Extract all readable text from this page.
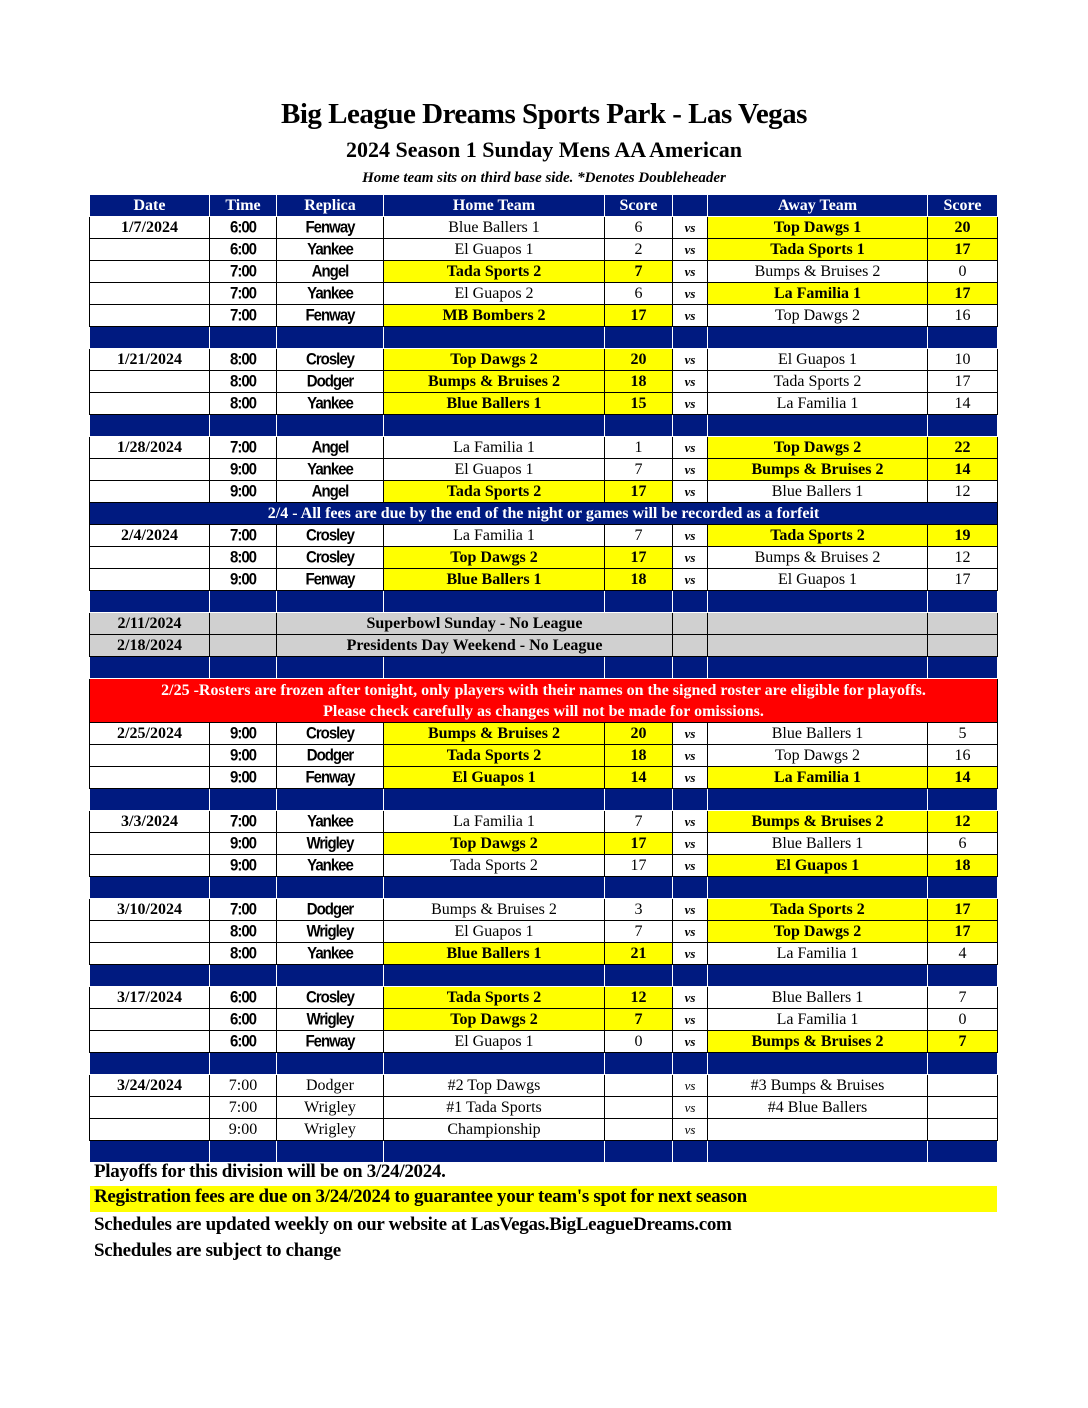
Big League Dreams Sports Park - Las Vegas
2024 Season 1 Sunday Mens AA American
Home team sits on third base side. *Denotes Doubleheader
Date	Time	Replica	Home Team	Score		Away Team	Score
1/7/2024	6:00	Fenway	Blue Ballers 1	6	vs	Top Dawgs 1	20
	6:00	Yankee	El Guapos 1	2	vs	Tada Sports 1	17
	7:00	Angel	Tada Sports 2	7	vs	Bumps & Bruises 2	0
	7:00	Yankee	El Guapos 2	6	vs	La Familia 1	17
	7:00	Fenway	MB Bombers 2	17	vs	Top Dawgs 2	16

1/21/2024	8:00	Crosley	Top Dawgs 2	20	vs	El Guapos 1	10
	8:00	Dodger	Bumps & Bruises 2	18	vs	Tada Sports 2	17
	8:00	Yankee	Blue Ballers 1	15	vs	La Familia 1	14

1/28/2024	7:00	Angel	La Familia 1	1	vs	Top Dawgs 2	22
	9:00	Yankee	El Guapos 1	7	vs	Bumps & Bruises 2	14
	9:00	Angel	Tada Sports 2	17	vs	Blue Ballers 1	12
2/4 - All fees are due by the end of the night or games will be recorded as a forfeit							
2/4/2024	7:00	Crosley	La Familia 1	7	vs	Tada Sports 2	19
	8:00	Crosley	Top Dawgs 2	17	vs	Bumps & Bruises 2	12
	9:00	Fenway	Blue Ballers 1	18	vs	El Guapos 1	17

2/11/2024		Superbowl Sunday - No League					
2/18/2024		Presidents Day Weekend - No League					

2/25 -Rosters are frozen after tonight, only players with their names on the signed roster are eligible for playoffs.
Please check carefully as changes will not be made for omissions.							

2/25/2024	9:00	Crosley	Bumps & Bruises 2	20	vs	Blue Ballers 1	5
	9:00	Dodger	Tada Sports 2	18	vs	Top Dawgs 2	16
	9:00	Fenway	El Guapos 1	14	vs	La Familia 1	14

3/3/2024	7:00	Yankee	La Familia 1	7	vs	Bumps & Bruises 2	12
	9:00	Wrigley	Top Dawgs 2	17	vs	Blue Ballers 1	6
	9:00	Yankee	Tada Sports 2	17	vs	El Guapos 1	18

3/10/2024	7:00	Dodger	Bumps & Bruises 2	3	vs	Tada Sports 2	17
	8:00	Wrigley	El Guapos 1	7	vs	Top Dawgs 2	17
	8:00	Yankee	Blue Ballers 1	21	vs	La Familia 1	4

3/17/2024	6:00	Crosley	Tada Sports 2	12	vs	Blue Ballers 1	7
	6:00	Wrigley	Top Dawgs 2	7	vs	La Familia 1	0
	6:00	Fenway	El Guapos 1	0	vs	Bumps & Bruises 2	7

3/24/2024	7:00	Dodger	#2 Top Dawgs		vs	#3 Bumps & Bruises	
	7:00	Wrigley	#1 Tada Sports		vs	#4 Blue Ballers	
	9:00	Wrigley	Championship		vs		

Playoffs for this division will be on 3/24/2024.
Registration fees are due on 3/24/2024 to guarantee your team's spot for next season
Schedules are updated weekly on our website at LasVegas.BigLeagueDreams.com
Schedules are subject to change
